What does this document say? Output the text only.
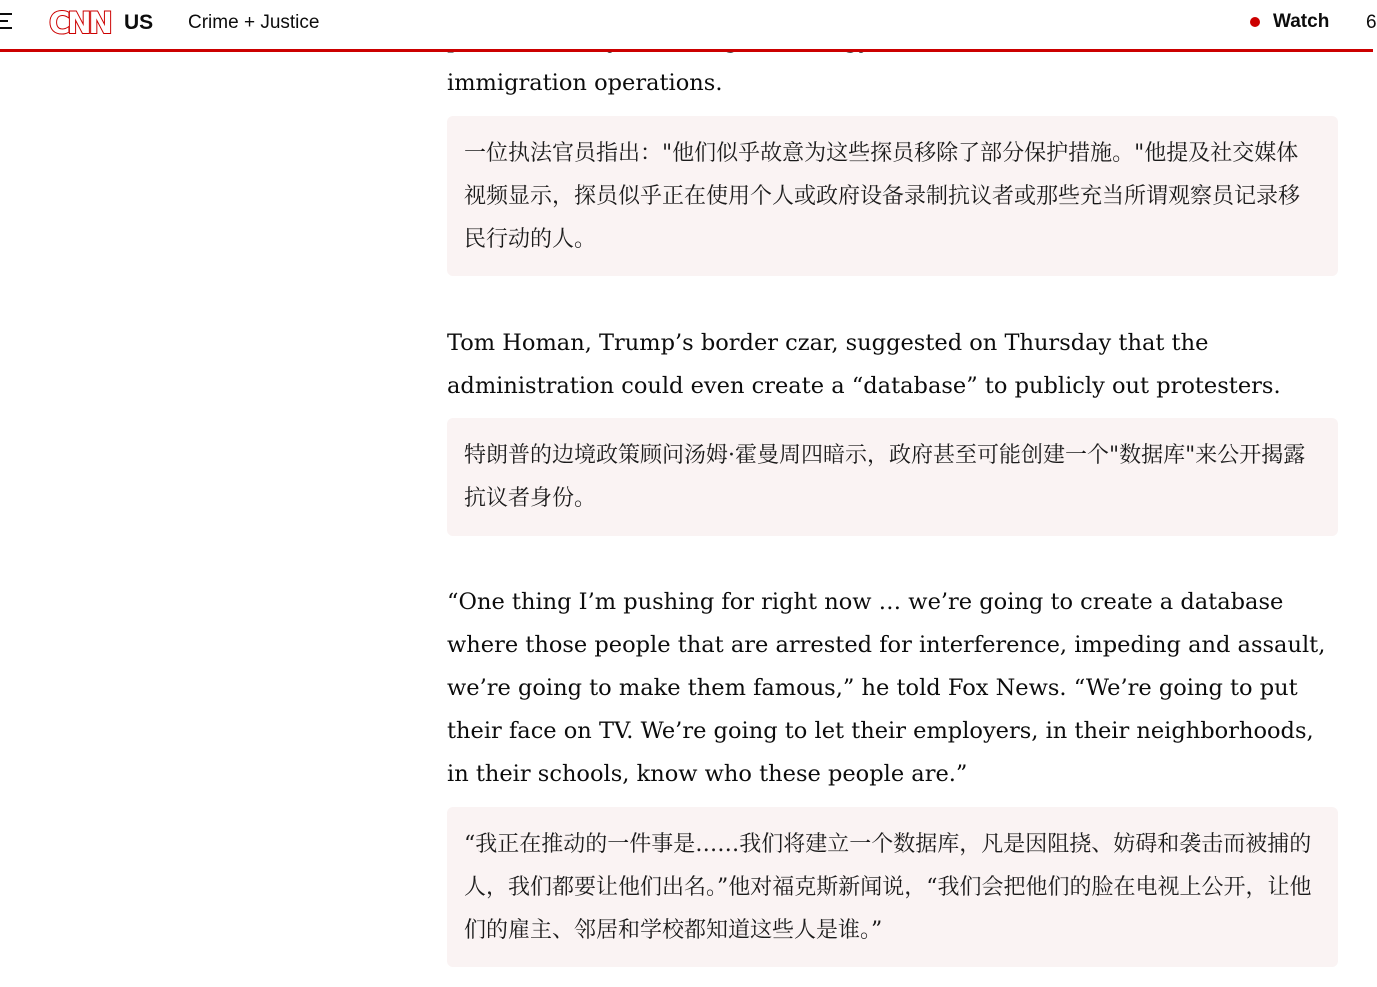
CNN US Crime + Justice	Watch 6

immigration operations.

一位执法官员指出："他们似乎故意为这些探员移除了部分保护措施。"他提及社交媒体视频显示，探员似乎正在使用个人或政府设备录制抗议者或那些充当所谓观察员记录移民行动的人。

Tom Homan, Trump’s border czar, suggested on Thursday that the administration could even create a “database” to publicly out protesters.

特朗普的边境政策顾问汤姆·霍曼周四暗示，政府甚至可能创建一个"数据库"来公开揭露抗议者身份。

“One thing I’m pushing for right now … we’re going to create a database where those people that are arrested for interference, impeding and assault, we’re going to make them famous,” he told Fox News. “We’re going to put their face on TV. We’re going to let their employers, in their neighborhoods, in their schools, know who these people are.”

“我正在推动的一件事是……我们将建立一个数据库，凡是因阻挠、妨碍和袭击而被捕的人，我们都要让他们出名。”他对福克斯新闻说，“我们会把他们的脸在电视上公开，让他们的雇主、邻居和学校都知道这些人是谁。”
